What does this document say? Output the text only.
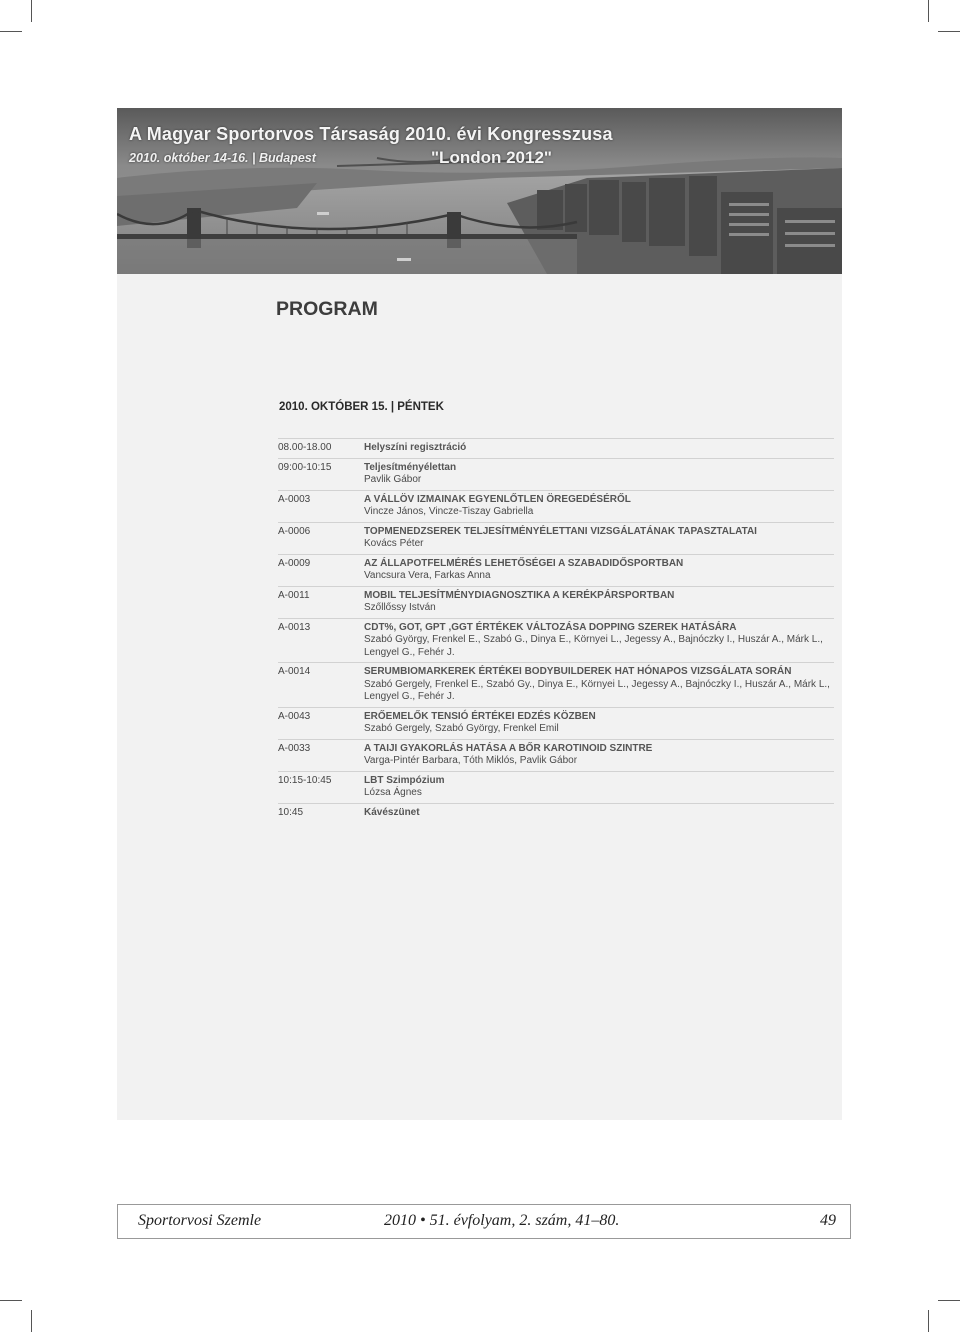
A Magyar Sportorvos Társaság 2010. évi Kongresszusa
2010. október 14-16. | Budapest	"London 2012"
PROGRAM
2010. OKTÓBER 15. | PÉNTEK
08.00-18.00	Helyszíni regisztráció
09:00-10:15	Teljesítményélettan
Pavlik Gábor
A-0003	A VÁLLÖV IZMAINAK EGYENLŐTLEN ÖREGEDÉSÉRŐL
Vincze János, Vincze-Tiszay Gabriella
A-0006	TOPMENEDZSEREK TELJESÍTMÉNYÉLETTANI VIZSGÁLATÁNAK TAPASZTALATAI
Kovács Péter
A-0009	AZ ÁLLAPOTFELMÉRÉS LEHETŐSÉGEI A SZABADIDŐSPORTBAN
Vancsura Vera, Farkas Anna
A-0011	MOBIL TELJESÍTMÉNYDIAGNOSZTIKA A KERÉKPÁRSPORTBAN
Szőllőssy István
A-0013	CDT%, GOT, GPT ,GGT ÉRTÉKEK VÁLTOZÁSA DOPPING SZEREK HATÁSÁRA
Szabó György, Frenkel E., Szabó G., Dinya E., Környei L., Jegessy A., Bajnóczky I., Huszár A., Márk L., Lengyel G., Fehér J.
A-0014	SERUMBIOMARKEREK ÉRTÉKEI BODYBUILDEREK HAT HÓNAPOS VIZSGÁLATA SORÁN
Szabó Gergely, Frenkel E., Szabó Gy., Dinya E., Környei L., Jegessy A., Bajnóczky I., Huszár A., Márk L., Lengyel G., Fehér J.
A-0043	ERŐEMELŐK TENSIÓ ÉRTÉKEI EDZÉS KÖZBEN
Szabó Gergely, Szabó György, Frenkel Emil
A-0033	A TAIJI GYAKORLÁS HATÁSA A BŐR KAROTINOID SZINTRE
Varga-Pintér Barbara, Tóth Miklós, Pavlik Gábor
10:15-10:45	LBT Szimpózium
Lózsa Ágnes
10:45	Kávészünet
Sportorvosi Szemle	2010 • 51. évfolyam, 2. szám, 41–80.	49
